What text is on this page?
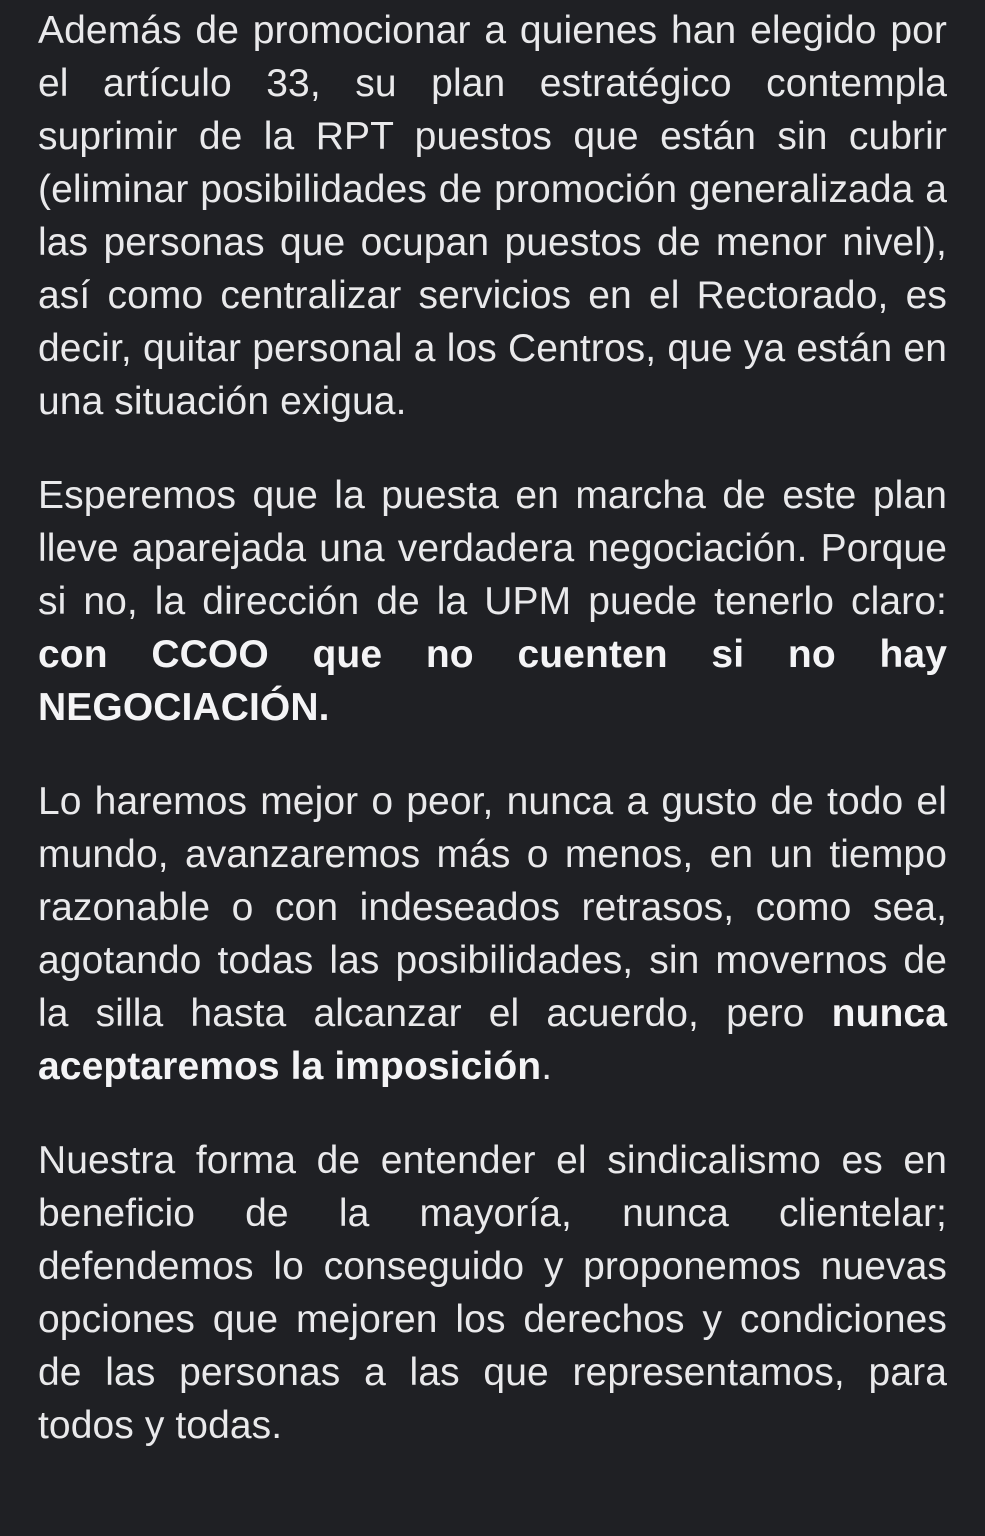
Además de promocionar a quienes han elegido por el artículo 33, su plan estratégico contempla suprimir de la RPT puestos que están sin cubrir (eliminar posibilidades de promoción generalizada a las personas que ocupan puestos de menor nivel), así como centralizar servicios en el Rectorado, es decir, quitar personal a los Centros, que ya están en una situación exigua.

Esperemos que la puesta en marcha de este plan lleve aparejada una verdadera negociación. Porque si no, la dirección de la UPM puede tenerlo claro: con CCOO que no cuenten si no hay NEGOCIACIÓN.

Lo haremos mejor o peor, nunca a gusto de todo el mundo, avanzaremos más o menos, en un tiempo razonable o con indeseados retrasos, como sea, agotando todas las posibilidades, sin movernos de la silla hasta alcanzar el acuerdo, pero nunca aceptaremos la imposición.

Nuestra forma de entender el sindicalismo es en beneficio de la mayoría, nunca clientelar; defendemos lo conseguido y proponemos nuevas opciones que mejoren los derechos y condiciones de las personas a las que representamos, para todos y todas.
